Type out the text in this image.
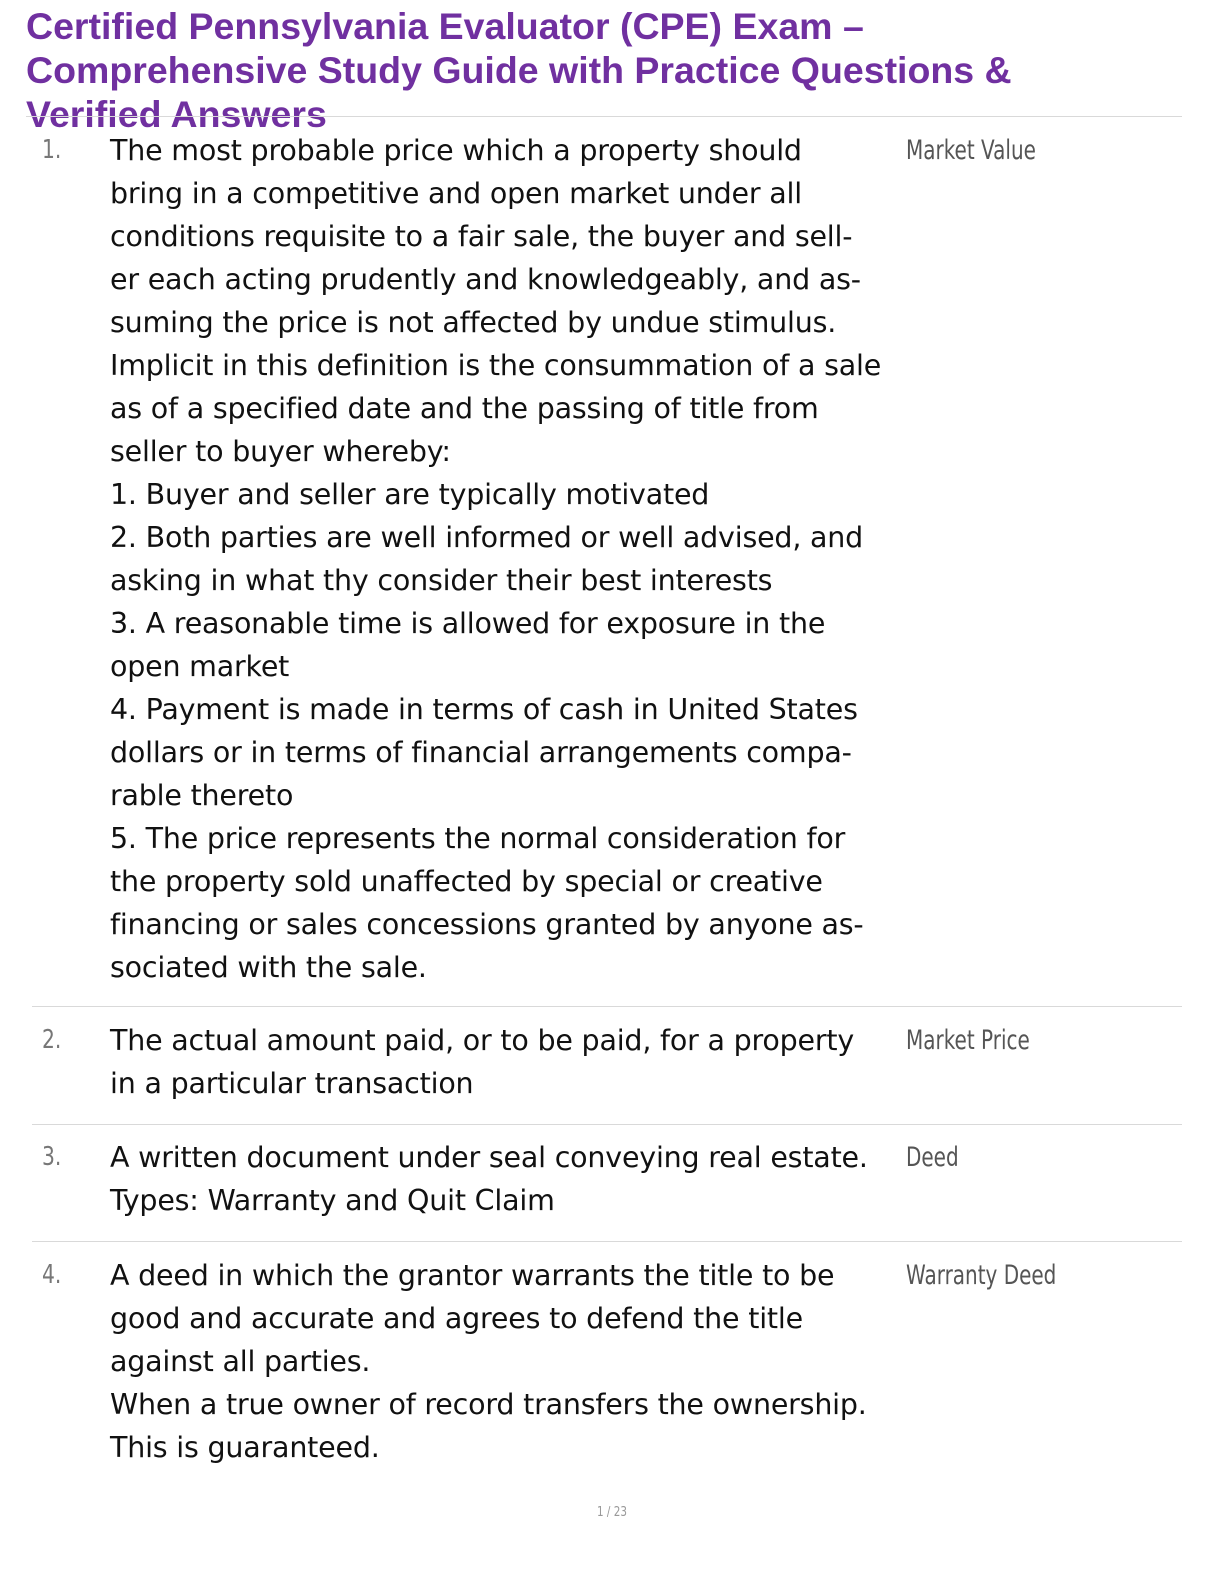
Certified Pennsylvania Evaluator (CPE) Exam –
Comprehensive Study Guide with Practice Questions &
Verified Answers
1. The most probable price which a property should
bring in a competitive and open market under all
conditions requisite to a fair sale, the buyer and sell-
er each acting prudently and knowledgeably, and as-
suming the price is not affected by undue stimulus.
Implicit in this definition is the consummation of a sale
as of a specified date and the passing of title from
seller to buyer whereby:
1. Buyer and seller are typically motivated
2. Both parties are well informed or well advised, and
asking in what thy consider their best interests
3. A reasonable time is allowed for exposure in the
open market
4. Payment is made in terms of cash in United States
dollars or in terms of financial arrangements compa-
rable thereto
5. The price represents the normal consideration for
the property sold unaffected by special or creative
financing or sales concessions granted by anyone as-
sociated with the sale.
Market Value
2. The actual amount paid, or to be paid, for a property
in a particular transaction
Market Price
3. A written document under seal conveying real estate.
Types: Warranty and Quit Claim
Deed
4. A deed in which the grantor warrants the title to be
good and accurate and agrees to defend the title
against all parties.
When a true owner of record transfers the ownership.
This is guaranteed.
Warranty Deed
1 / 23
